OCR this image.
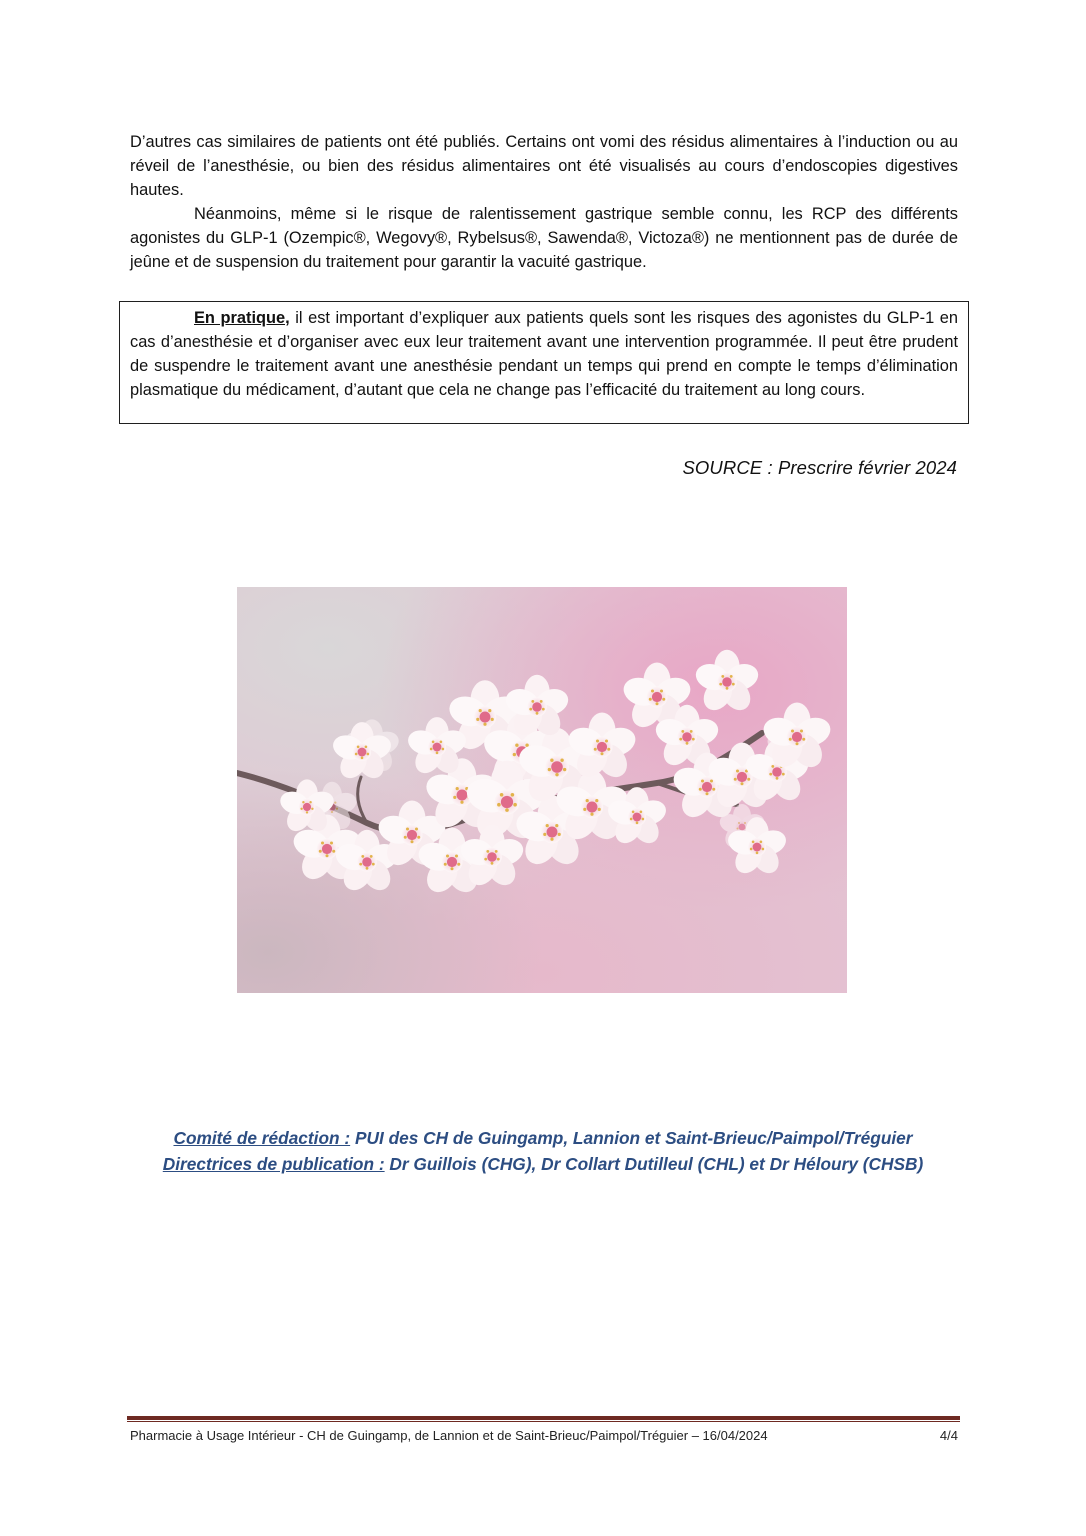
D’autres cas similaires de patients ont été publiés. Certains ont vomi des résidus alimentaires à l’induction ou au réveil de l’anesthésie, ou bien des résidus alimentaires ont été visualisés au cours d’endoscopies digestives hautes.

Néanmoins, même si le risque de ralentissement gastrique semble connu, les RCP des différents agonistes du GLP-1 (Ozempic®, Wegovy®, Rybelsus®, Sawenda®, Victoza®) ne mentionnent pas de durée de jeûne et de suspension du traitement pour garantir la vacuité gastrique.

En pratique, il est important d’expliquer aux patients quels sont les risques des agonistes du GLP-1 en cas d’anesthésie et d’organiser avec eux leur traitement avant une intervention programmée. Il peut être prudent de suspendre le traitement avant une anesthésie pendant un temps qui prend en compte le temps d’élimination plasmatique du médicament, d’autant que cela ne change pas l’efficacité du traitement au long cours.

SOURCE : Prescrire février 2024
Comité de rédaction : PUI des CH de Guingamp, Lannion et Saint-Brieuc/Paimpol/Tréguier
Directrices de publication : Dr Guillois (CHG), Dr Collart Dutilleul (CHL) et Dr Héloury (CHSB)
Pharmacie à Usage Intérieur - CH de Guingamp, de Lannion et de Saint-Brieuc/Paimpol/Tréguier – 16/04/2024	4/4
